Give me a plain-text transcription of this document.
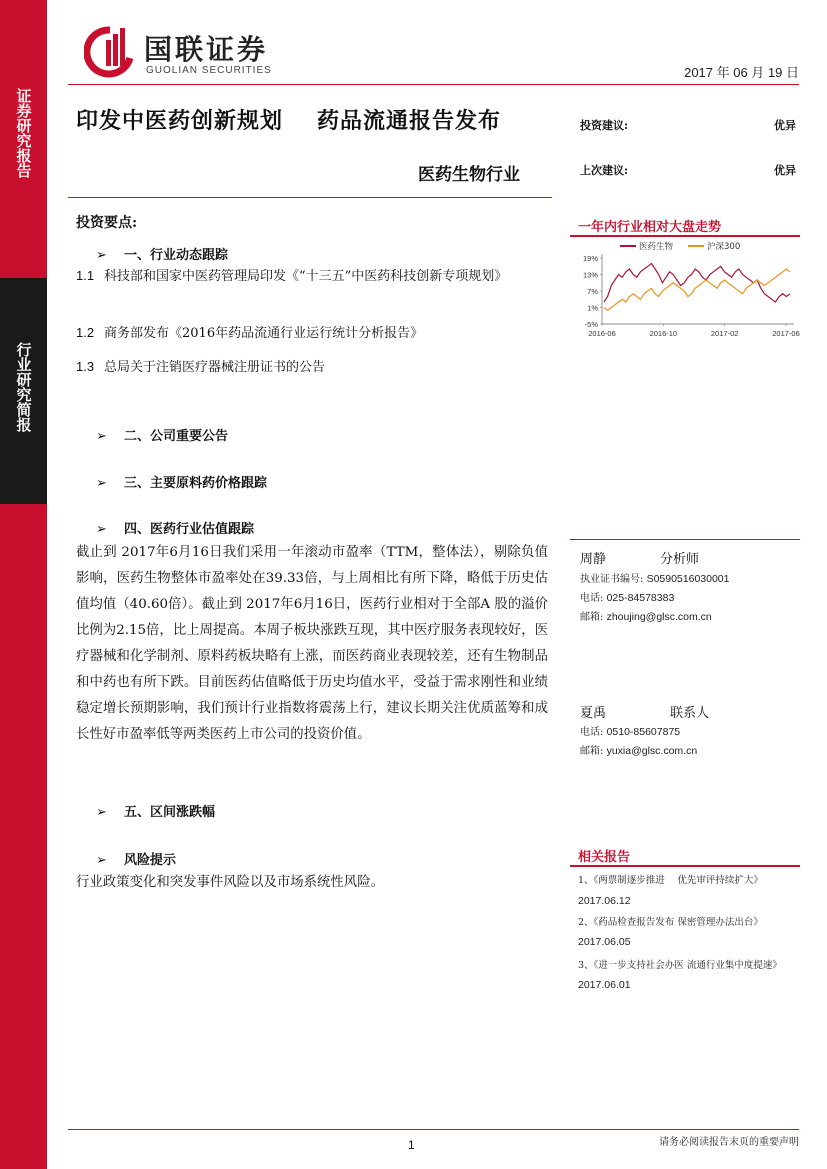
证券研究报告
行业研究简报
国联证券
GUOLIAN SECURITIES	2017 年 06 月 19 日
印发中医药创新规划 药品流通报告发布
医药生物行业
投资建议:	优异
上次建议:	优异
投资要点:
➢ 一、行业动态跟踪
1.1 科技部和国家中医药管理局印发《“十三五”中医药科技创新专项规划》
1.2 商务部发布《2016年药品流通行业运行统计分析报告》
1.3 总局关于注销医疗器械注册证书的公告
➢ 二、公司重要公告
➢ 三、主要原料药价格跟踪
➢ 四、医药行业估值跟踪
截止到 2017年6月16日我们采用一年滚动市盈率（TTM，整体法），剔除负值影响，医药生物整体市盈率处在39.33倍，与上周相比有所下降，略低于历史估值均值（40.60倍）。截止到 2017年6月16日，医药行业相对于全部A 股的溢价比例为2.15倍，比上周提高。本周子板块涨跌互现，其中医疗服务表现较好，医疗器械和化学制剂、原料药板块略有上涨，而医药商业表现较差，还有生物制品和中药也有所下跌。目前医药估值略低于历史均值水平，受益于需求刚性和业绩稳定增长预期影响，我们预计行业指数将震荡上行，建议长期关注优质蓝筹和成长性好市盈率低等两类医药上市公司的投资价值。
➢ 五、区间涨跌幅
➢ 风险提示
行业政策变化和突发事件风险以及市场系统性风险。
一年内行业相对大盘走势
医药生物	沪深300
19%
13%
7%
1%
-5%
2016-06	2016-10	2017-02	2017-06
周静	分析师
执业证书编号: S0590516030001
电话: 025-84578383
邮箱: zhoujing@glsc.com.cn
夏禹	联系人
电话: 0510-85607875
邮箱: yuxia@glsc.com.cn
相关报告
1、《两票制逐步推进　 优先审评持续扩大》
2017.06.12
2、《药品检查报告发布 保密管理办法出台》
2017.06.05
3、《进一步支持社会办医 流通行业集中度提速》
2017.06.01
1	请务必阅读报告末页的重要声明
